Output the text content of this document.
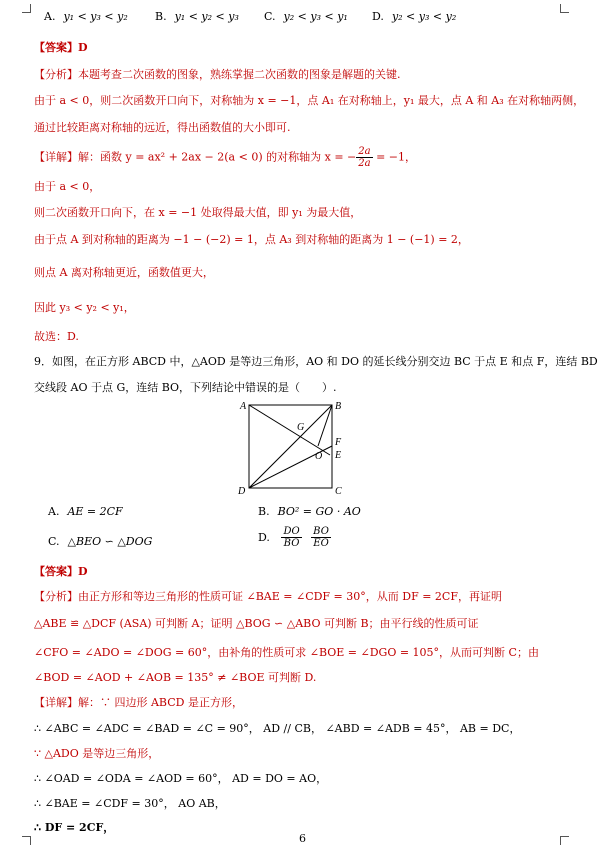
A. y₁ < y₃ < y₂ B. y₁ < y₂ < y₃ C. y₂ < y₃ < y₁ D. y₂ < y₃ < y₂
【答案】D
【分析】本题考查二次函数的图象，熟练掌握二次函数的图象是解题的关键.
由于 a < 0，则二次函数开口向下，对称轴为 x = −1，点 A₁ 在对称轴上，y₁ 最大，点 A 和 A₃ 在对称轴两侧，
通过比较距离对称轴的远近，得出函数值的大小即可.
【详解】解：函数 y = ax² + 2ax − 2(a < 0) 的对称轴为 x = − $\frac{2a}{2a} = -1$，
由于 a < 0，
则二次函数开口向下，在 x = −1 处取得最大值，即 y₁ 为最大值，
由于点 A 到对称轴的距离为 −1 − (−2) = 1，点 A₃ 到对称轴的距离为 1 − (−1) = 2，
则点 A 离对称轴更近，函数值更大，
因此 y₃ < y₂ < y₁，
故选：D.
9．如图，在正方形 ABCD 中，△AOD 是等边三角形，AO 和 DO 的延长线分别交边 BC 于点 E 和点 F，连结 BD
交线段 AO 于点 G，连结 BO，下列结论中错误的是（　　）.
A	B
C
D
E
F
G
O
A. AE = 2CF	B. BO² = GO · AO
C. △BEO ∽ △DOG	D. $\frac{DO}{BO}$
$\frac{BO}{EO}$
【答案】D
【分析】由正方形和等边三角形的性质可证 ∠BAE = ∠CDF = 30°，从而 DF = 2CF，再证明
△ABE ≌ △DCF (ASA) 可判断 A；证明 △BOG ∽ △ABO 可判断 B；由平行线的性质可证
∠CFO = ∠ADO = ∠DOG = 60°，由补角的性质可求 ∠BOE = ∠DGO = 105°，从而可判断 C；由
∠BOD = ∠AOD + ∠AOB = 135° ≠ ∠BOE 可判断 D.
【详解】解：∵ 四边形 ABCD 是正方形，
∴ ∠ABC = ∠ADC = ∠BAD = ∠C = 90°， AD // CB， ∠ABD = ∠ADB = 45°， AB = DC，
∵ △ADO 是等边三角形，
∴ ∠OAD = ∠ODA = ∠AOD = 60°， AD = DO = AO，
∴ ∠BAE = ∠CDF = 30°， AO AB，
∴ DF = 2CF，
6
